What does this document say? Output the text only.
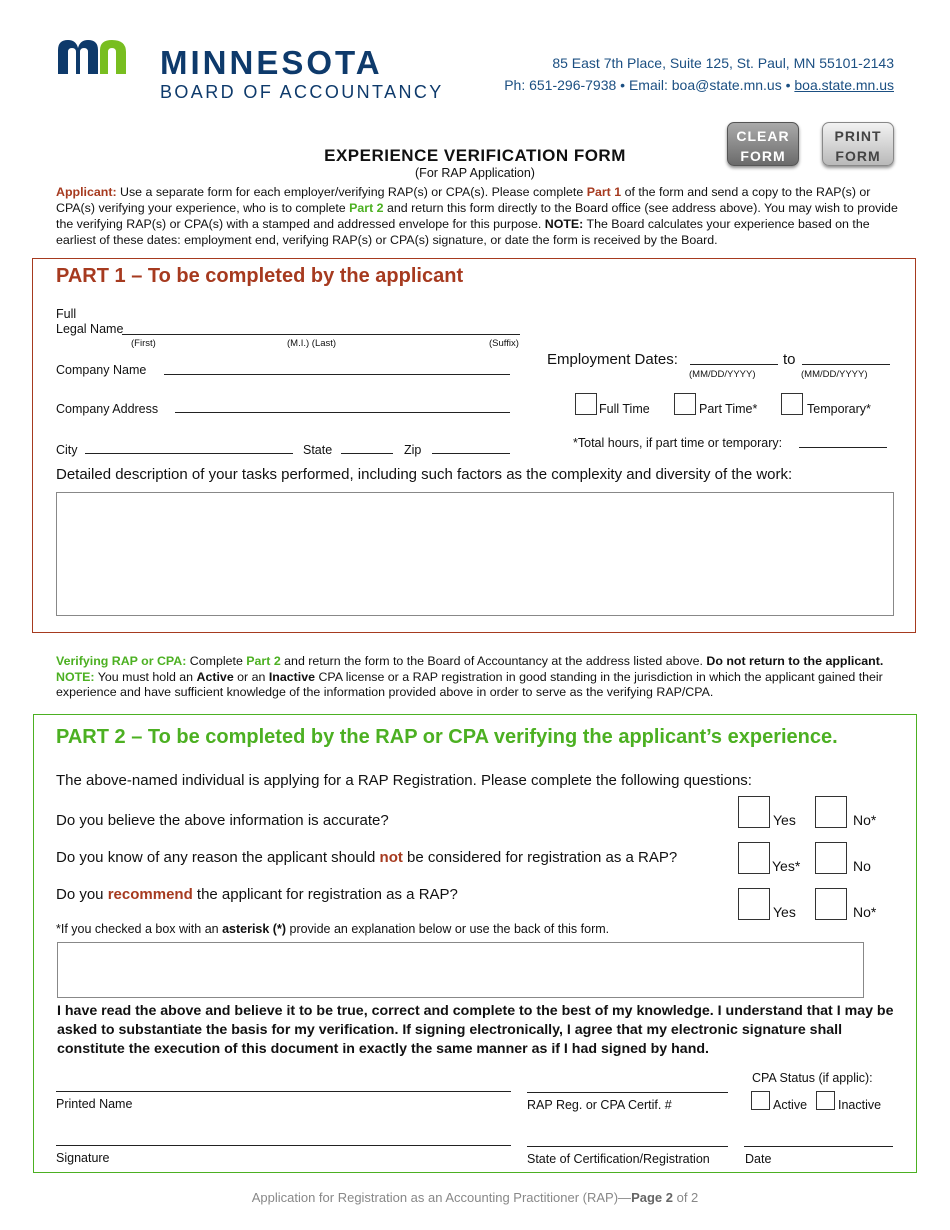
MINNESOTA
BOARD OF ACCOUNTANCY
85 East 7th Place, Suite 125, St. Paul, MN 55101-2143
Ph: 651-296-7938 • Email: boa@state.mn.us • boa.state.mn.us
CLEAR
FORM
PRINT
FORM
EXPERIENCE VERIFICATION FORM
(For RAP Application)
Applicant: Use a separate form for each employer/verifying RAP(s) or CPA(s). Please complete Part 1 of the form and send a copy to the RAP(s) or CPA(s) verifying your experience, who is to complete Part 2 and return this form directly to the Board office (see address above). You may wish to provide the verifying RAP(s) or CPA(s) with a stamped and addressed envelope for this purpose. NOTE: The Board calculates your experience based on the earliest of these dates: employment end, verifying RAP(s) or CPA(s) signature, or date the form is received by the Board.
PART 1 – To be completed by the applicant
Full
Legal Name
(First)	(M.I.) (Last)	(Suffix)
Company Name
Company Address
City	State	Zip
Employment Dates:	to
(MM/DD/YYYY)	(MM/DD/YYYY)
Full Time	Part Time*	Temporary*
*Total hours, if part time or temporary:
Detailed description of your tasks performed, including such factors as the complexity and diversity of the work:
Verifying RAP or CPA: Complete Part 2 and return the form to the Board of Accountancy at the address listed above. Do not return to the applicant. NOTE: You must hold an Active or an Inactive CPA license or a RAP registration in good standing in the jurisdiction in which the applicant gained their experience and have sufficient knowledge of the information provided above in order to serve as the verifying RAP/CPA.
PART 2 – To be completed by the RAP or CPA verifying the applicant’s experience.
The above-named individual is applying for a RAP Registration. Please complete the following questions:
Do you believe the above information is accurate?	Yes	No*
Do you know of any reason the applicant should not be considered for registration as a RAP?	Yes*	No
Do you recommend the applicant for registration as a RAP?
Yes	No*
*If you checked a box with an asterisk (*) provide an explanation below or use the back of this form.
I have read the above and believe it to be true, correct and complete to the best of my knowledge. I understand that I may be asked to substantiate the basis for my verification. If signing electronically, I agree that my electronic signature shall constitute the execution of this document in exactly the same manner as if I had signed by hand.
Printed Name	RAP Reg. or CPA Certif. #
CPA Status (if applic):
Active Inactive
Signature	State of Certification/Registration	Date
Application for Registration as an Accounting Practitioner (RAP)—Page 2 of 2
